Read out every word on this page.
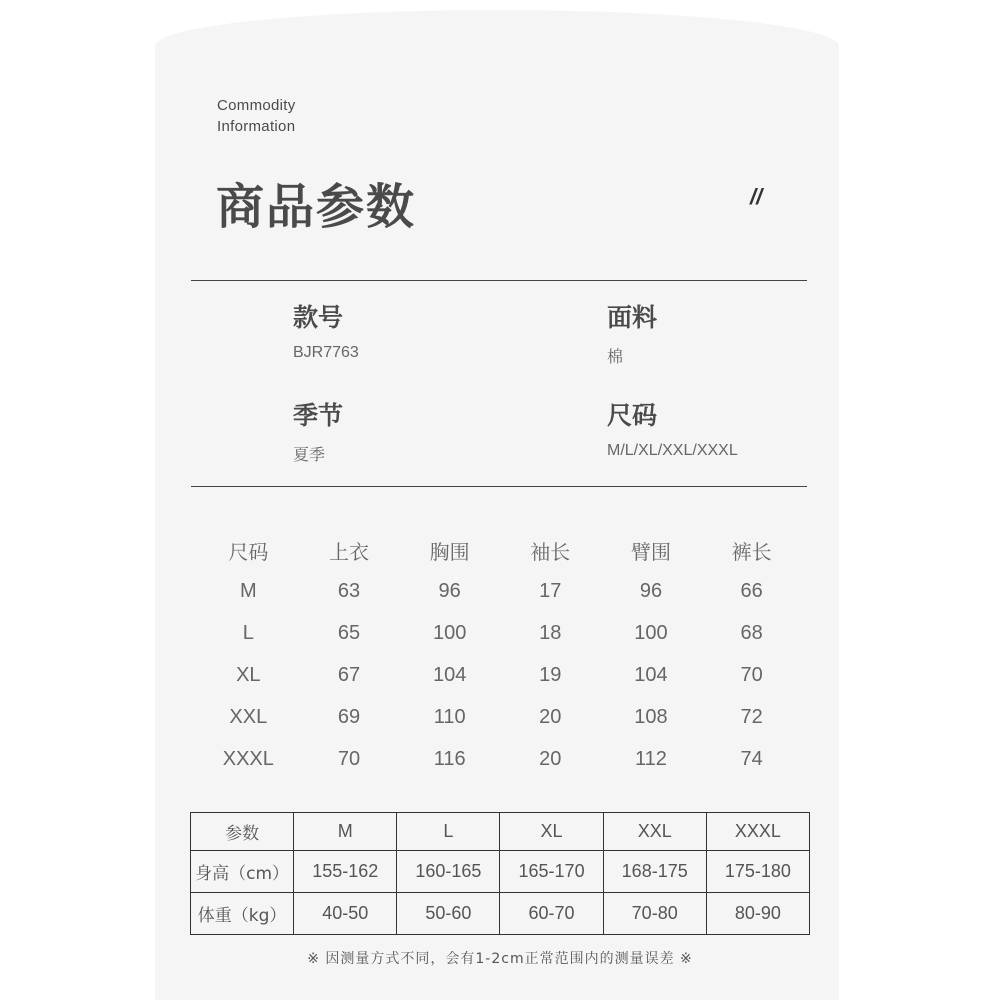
Commodity
Information
商品参数	//
款号
BJR7763
面料
棉
季节
夏季
尺码
M/L/XL/XXL/XXXL
尺码	上衣	胸围	袖长	臂围	裤长
M	63	96	17	96	66
L	65	100	18	100	68
XL	67	104	19	104	70
XXL	69	110	20	108	72
XXXL	70	116	20	112	74
参数	M	L	XL	XXL	XXXL
身高（cm）	155-162	160-165	165-170	168-175	175-180
体重（kg）	40-50	50-60	60-70	70-80	80-90
※ 因测量方式不同，会有1-2cm正常范围内的测量误差 ※
